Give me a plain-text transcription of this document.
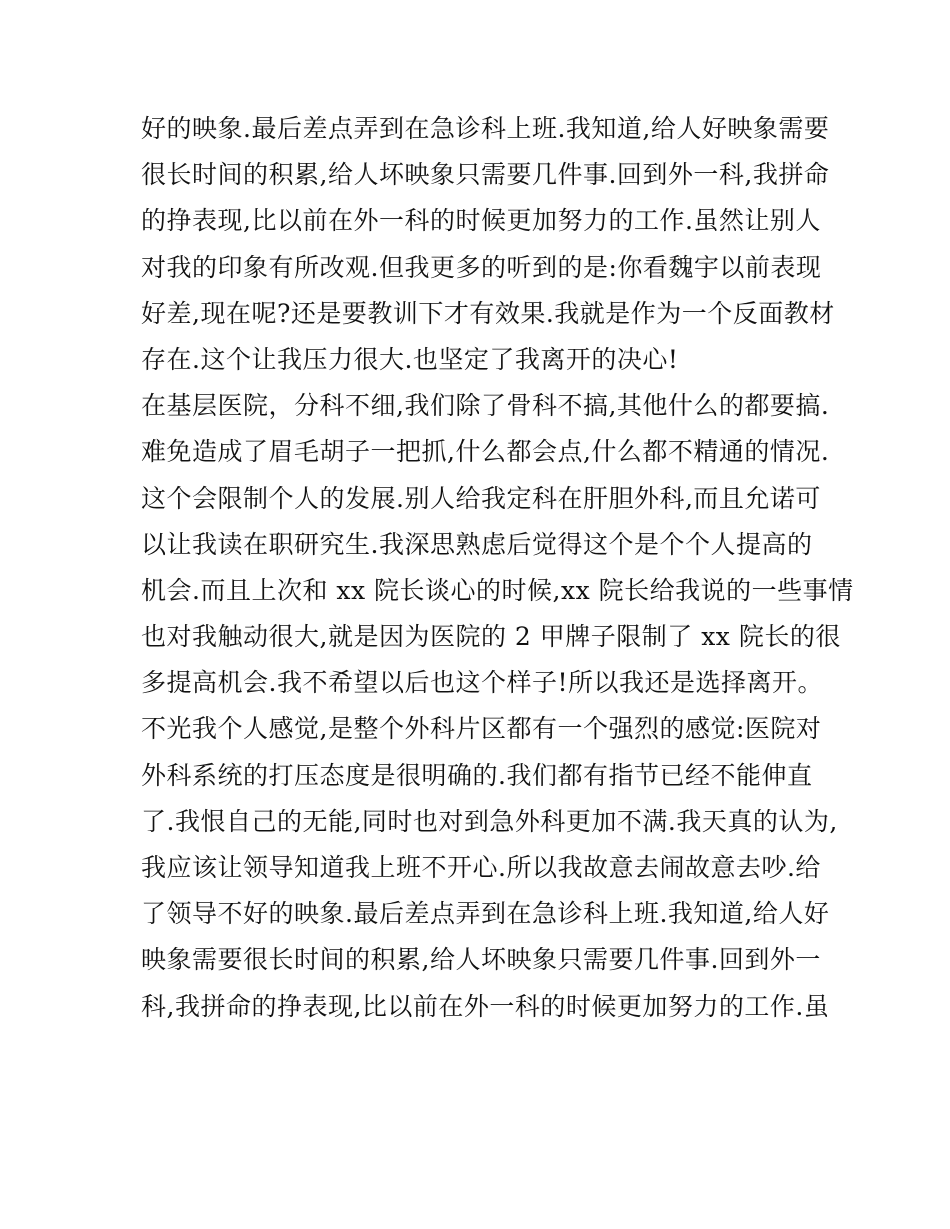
好的映象.最后差点弄到在急诊科上班.我知道,给人好映象需要
很长时间的积累,给人坏映象只需要几件事.回到外一科,我拼命
的挣表现,比以前在外一科的时候更加努力的工作.虽然让别人
对我的印象有所改观.但我更多的听到的是:你看魏宇以前表现
好差,现在呢?还是要教训下才有效果.我就是作为一个反面教材
存在.这个让我压力很大.也坚定了我离开的决心!
在基层医院，分科不细,我们除了骨科不搞,其他什么的都要搞.
难免造成了眉毛胡子一把抓,什么都会点,什么都不精通的情况.
这个会限制个人的发展.别人给我定科在肝胆外科,而且允诺可
以让我读在职研究生.我深思熟虑后觉得这个是个个人提高的
机会.而且上次和 xx 院长谈心的时候,xx 院长给我说的一些事情
也对我触动很大,就是因为医院的 2 甲牌子限制了 xx 院长的很
多提高机会.我不希望以后也这个样子!所以我还是选择离开。
不光我个人感觉,是整个外科片区都有一个强烈的感觉:医院对
外科系统的打压态度是很明确的.我们都有指节已经不能伸直
了.我恨自己的无能,同时也对到急外科更加不满.我天真的认为,
我应该让领导知道我上班不开心.所以我故意去闹故意去吵.给
了领导不好的映象.最后差点弄到在急诊科上班.我知道,给人好
映象需要很长时间的积累,给人坏映象只需要几件事.回到外一
科,我拼命的挣表现,比以前在外一科的时候更加努力的工作.虽
